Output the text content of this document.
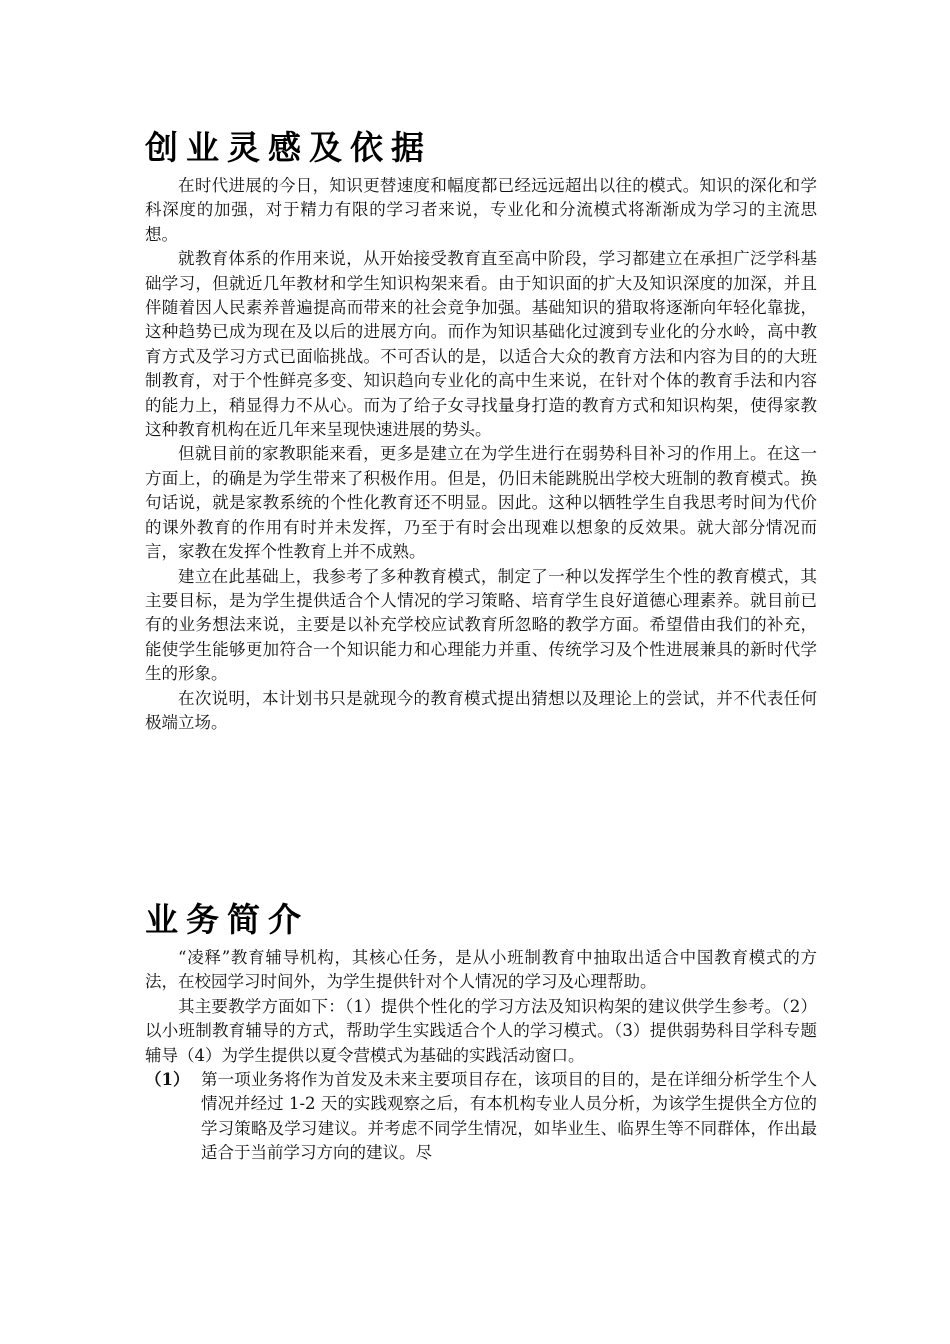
创业灵感及依据

在时代进展的今日，知识更替速度和幅度都已经远远超出以往的模式。知识的深化和学科深度的加强，对于精力有限的学习者来说，专业化和分流模式将渐渐成为学习的主流思想。

就教育体系的作用来说，从开始接受教育直至高中阶段，学习都建立在承担广泛学科基础学习，但就近几年教材和学生知识构架来看。由于知识面的扩大及知识深度的加深，并且伴随着因人民素养普遍提高而带来的社会竞争加强。基础知识的猎取将逐渐向年轻化靠拢，这种趋势已成为现在及以后的进展方向。而作为知识基础化过渡到专业化的分水岭，高中教育方式及学习方式已面临挑战。不可否认的是，以适合大众的教育方法和内容为目的的大班制教育，对于个性鲜亮多变、知识趋向专业化的高中生来说，在针对个体的教育手法和内容的能力上，稍显得力不从心。而为了给子女寻找量身打造的教育方式和知识构架，使得家教这种教育机构在近几年来呈现快速进展的势头。

但就目前的家教职能来看，更多是建立在为学生进行在弱势科目补习的作用上。在这一方面上，的确是为学生带来了积极作用。但是，仍旧未能跳脱出学校大班制的教育模式。换句话说，就是家教系统的个性化教育还不明显。因此。这种以牺牲学生自我思考时间为代价的课外教育的作用有时并未发挥，乃至于有时会出现难以想象的反效果。就大部分情况而言，家教在发挥个性教育上并不成熟。

建立在此基础上，我参考了多种教育模式，制定了一种以发挥学生个性的教育模式，其主要目标，是为学生提供适合个人情况的学习策略、培育学生良好道德心理素养。就目前已有的业务想法来说，主要是以补充学校应试教育所忽略的教学方面。希望借由我们的补充，能使学生能够更加符合一个知识能力和心理能力并重、传统学习及个性进展兼具的新时代学生的形象。

在次说明，本计划书只是就现今的教育模式提出猜想以及理论上的尝试，并不代表任何极端立场。

业务简介

“凌释”教育辅导机构，其核心任务，是从小班制教育中抽取出适合中国教育模式的方法，在校园学习时间外，为学生提供针对个人情况的学习及心理帮助。

其主要教学方面如下：（1）提供个性化的学习方法及知识构架的建议供学生参考。（2）以小班制教育辅导的方式，帮助学生实践适合个人的学习模式。（3）提供弱势科目学科专题辅导（4）为学生提供以夏令营模式为基础的实践活动窗口。

（1） 第一项业务将作为首发及未来主要项目存在，该项目的目的，是在详细分析学生个人情况并经过 1-2 天的实践观察之后，有本机构专业人员分析，为该学生提供全方位的学习策略及学习建议。并考虑不同学生情况，如毕业生、临界生等不同群体，作出最适合于当前学习方向的建议。尽
